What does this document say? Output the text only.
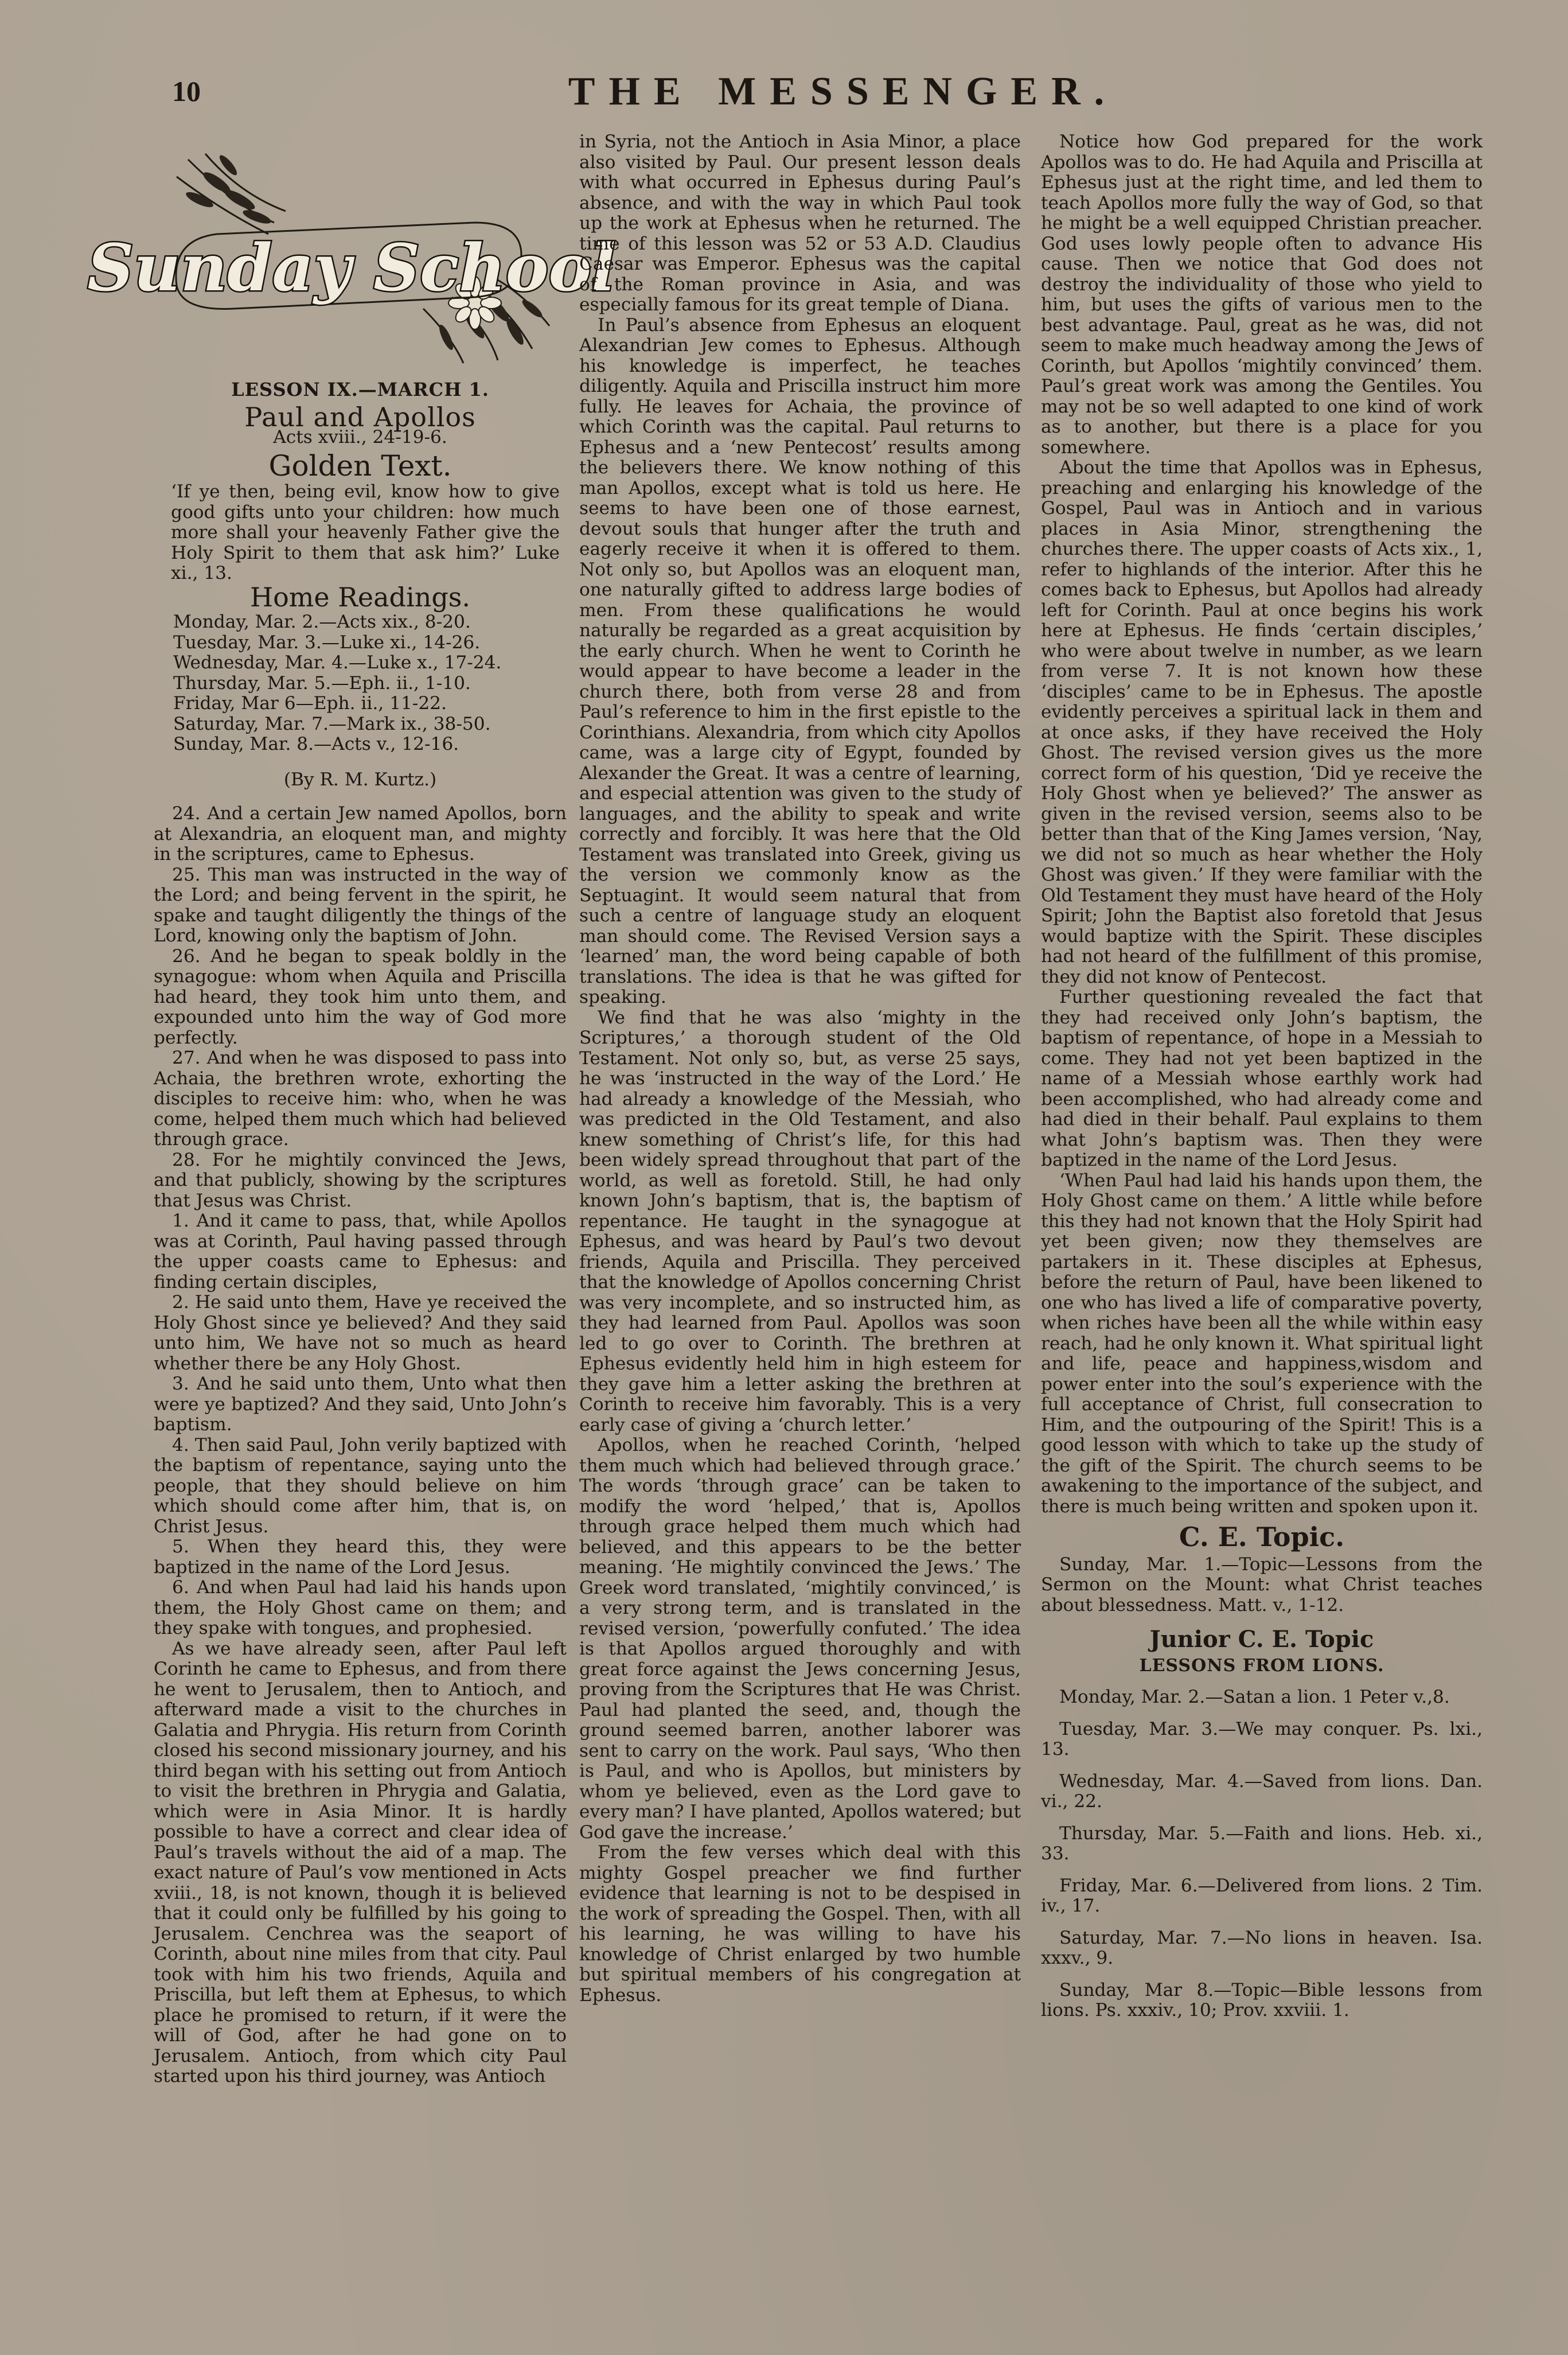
10	THE MESSENGER.
Sunday School
LESSON IX.—MARCH 1.
Paul and Apollos
Acts xviii., 24-19-6.
Golden Text.

‘If ye then, being evil, know how to give good gifts unto your children: how much more shall your heavenly Father give the Holy Spirit to them that ask him?’ Luke xi., 13.

Home Readings.
Monday, Mar. 2.—Acts xix., 8-20.
Tuesday, Mar. 3.—Luke xi., 14-26.
Wednesday, Mar. 4.—Luke x., 17-24.
Thursday, Mar. 5.—Eph. ii., 1-10.
Friday, Mar 6—Eph. ii., 11-22.
Saturday, Mar. 7.—Mark ix., 38-50.
Sunday, Mar. 8.—Acts v., 12-16.
(By R. M. Kurtz.)

24. And a certain Jew named Apollos, born at Alexandria, an eloquent man, and mighty in the scriptures, came to Ephesus.

25. This man was instructed in the way of the Lord; and being fervent in the spirit, he spake and taught diligently the things of the Lord, knowing only the baptism of John.

26. And he began to speak boldly in the synagogue: whom when Aquila and Priscilla had heard, they took him unto them, and expounded unto him the way of God more perfectly.

27. And when he was disposed to pass into Achaia, the brethren wrote, exhorting the disciples to receive him: who, when he was come, helped them much which had believed through grace.

28. For he mightily convinced the Jews, and that publicly, showing by the scriptures that Jesus was Christ.

1. And it came to pass, that, while Apollos was at Corinth, Paul having passed through the upper coasts came to Ephesus: and finding certain disciples,

2. He said unto them, Have ye received the Holy Ghost since ye believed? And they said unto him, We have not so much as heard whether there be any Holy Ghost.

3. And he said unto them, Unto what then were ye baptized? And they said, Unto John’s baptism.

4. Then said Paul, John verily baptized with the baptism of repentance, saying unto the people, that they should believe on him which should come after him, that is, on Christ Jesus.

5. When they heard this, they were baptized in the name of the Lord Jesus.

6. And when Paul had laid his hands upon them, the Holy Ghost came on them; and they spake with tongues, and prophesied.

As we have already seen, after Paul left Corinth he came to Ephesus, and from there he went to Jerusalem, then to Antioch, and afterward made a visit to the churches in Galatia and Phrygia. His return from Corinth closed his second missionary journey, and his third began with his setting out from Antioch to visit the brethren in Phrygia and Galatia, which were in Asia Minor. It is hardly possible to have a correct and clear idea of Paul’s travels without the aid of a map. The exact nature of Paul’s vow mentioned in Acts xviii., 18, is not known, though it is believed that it could only be fulfilled by his going to Jerusalem. Cenchrea was the seaport of Corinth, about nine miles from that city. Paul took with him his two friends, Aquila and Priscilla, but left them at Ephesus, to which place he promised to return, if it were the will of God, after he had gone on to Jerusalem. Antioch, from which city Paul started upon his third journey, was Antioch

in Syria, not the Antioch in Asia Minor, a place also visited by Paul. Our present lesson deals with what occurred in Ephesus during Paul’s absence, and with the way in which Paul took up the work at Ephesus when he returned. The time of this lesson was 52 or 53 A.D. Claudius Caesar was Emperor. Ephesus was the capital of the Roman province in Asia, and was especially famous for its great temple of Diana.

In Paul’s absence from Ephesus an eloquent Alexandrian Jew comes to Ephesus. Although his knowledge is imperfect, he teaches diligently. Aquila and Priscilla instruct him more fully. He leaves for Achaia, the province of which Corinth was the capital. Paul returns to Ephesus and a ‘new Pentecost’ results among the believers there. We know nothing of this man Apollos, except what is told us here. He seems to have been one of those earnest, devout souls that hunger after the truth and eagerly receive it when it is offered to them. Not only so, but Apollos was an eloquent man, one naturally gifted to address large bodies of men. From these qualifications he would naturally be regarded as a great acquisition by the early church. When he went to Corinth he would appear to have become a leader in the church there, both from verse 28 and from Paul’s reference to him in the first epistle to the Corinthians. Alexandria, from which city Apollos came, was a large city of Egypt, founded by Alexander the Great. It was a centre of learning, and especial attention was given to the study of languages, and the ability to speak and write correctly and forcibly. It was here that the Old Testament was translated into Greek, giving us the version we commonly know as the Septuagint. It would seem natural that from such a centre of language study an eloquent man should come. The Revised Version says a ‘learned’ man, the word being capable of both translations. The idea is that he was gifted for speaking.

We find that he was also ‘mighty in the Scriptures,’ a thorough student of the Old Testament. Not only so, but, as verse 25 says, he was ‘instructed in the way of the Lord.’ He had already a knowledge of the Messiah, who was predicted in the Old Testament, and also knew something of Christ’s life, for this had been widely spread throughout that part of the world, as well as foretold. Still, he had only known John’s baptism, that is, the baptism of repentance. He taught in the synagogue at Ephesus, and was heard by Paul’s two devout friends, Aquila and Priscilla. They perceived that the knowledge of Apollos concerning Christ was very incomplete, and so instructed him, as they had learned from Paul. Apollos was soon led to go over to Corinth. The brethren at Ephesus evidently held him in high esteem for they gave him a letter asking the brethren at Corinth to receive him favorably. This is a very early case of giving a ‘church letter.’

Apollos, when he reached Corinth, ‘helped them much which had believed through grace.’ The words ‘through grace’ can be taken to modify the word ‘helped,’ that is, Apollos through grace helped them much which had believed, and this appears to be the better meaning. ‘He mightily convinced the Jews.’ The Greek word translated, ‘mightily convinced,’ is a very strong term, and is translated in the revised version, ‘powerfully confuted.’ The idea is that Apollos argued thoroughly and with great force against the Jews concerning Jesus, proving from the Scriptures that He was Christ. Paul had planted the seed, and, though the ground seemed barren, another laborer was sent to carry on the work. Paul says, ‘Who then is Paul, and who is Apollos, but ministers by whom ye believed, even as the Lord gave to every man? I have planted, Apollos watered; but God gave the increase.’

From the few verses which deal with this mighty Gospel preacher we find further evidence that learning is not to be despised in the work of spreading the Gospel. Then, with all his learning, he was willing to have his knowledge of Christ enlarged by two humble but spiritual members of his congregation at Ephesus.

Notice how God prepared for the work Apollos was to do. He had Aquila and Priscilla at Ephesus just at the right time, and led them to teach Apollos more fully the way of God, so that he might be a well equipped Christian preacher. God uses lowly people often to advance His cause. Then we notice that God does not destroy the individuality of those who yield to him, but uses the gifts of various men to the best advantage. Paul, great as he was, did not seem to make much headway among the Jews of Corinth, but Apollos ‘mightily convinced’ them. Paul’s great work was among the Gentiles. You may not be so well adapted to one kind of work as to another, but there is a place for you somewhere.

About the time that Apollos was in Ephesus, preaching and enlarging his knowledge of the Gospel, Paul was in Antioch and in various places in Asia Minor, strengthening the churches there. The upper coasts of Acts xix., 1, refer to highlands of the interior. After this he comes back to Ephesus, but Apollos had already left for Corinth. Paul at once begins his work here at Ephesus. He finds ‘certain disciples,’ who were about twelve in number, as we learn from verse 7. It is not known how these ‘disciples’ came to be in Ephesus. The apostle evidently perceives a spiritual lack in them and at once asks, if they have received the Holy Ghost. The revised version gives us the more correct form of his question, ‘Did ye receive the Holy Ghost when ye believed?’ The answer as given in the revised version, seems also to be better than that of the King James version, ‘Nay, we did not so much as hear whether the Holy Ghost was given.’ If they were familiar with the Old Testament they must have heard of the Holy Spirit; John the Baptist also foretold that Jesus would baptize with the Spirit. These disciples had not heard of the fulfillment of this promise, they did not know of Pentecost.

Further questioning revealed the fact that they had received only John’s baptism, the baptism of repentance, of hope in a Messiah to come. They had not yet been baptized in the name of a Messiah whose earthly work had been accomplished, who had already come and had died in their behalf. Paul explains to them what John’s baptism was. Then they were baptized in the name of the Lord Jesus.

‘When Paul had laid his hands upon them, the Holy Ghost came on them.’ A little while before this they had not known that the Holy Spirit had yet been given; now they themselves are partakers in it. These disciples at Ephesus, before the return of Paul, have been likened to one who has lived a life of comparative poverty, when riches have been all the while within easy reach, had he only known it. What spiritual light and life, peace and happiness,wisdom and power enter into the soul’s experience with the full acceptance of Christ, full consecration to Him, and the outpouring of the Spirit! This is a good lesson with which to take up the study of the gift of the Spirit. The church seems to be awakening to the importance of the subject, and there is much being written and spoken upon it.

C. E. Topic.

Sunday, Mar. 1.—Topic—Lessons from the Sermon on the Mount: what Christ teaches about blessedness. Matt. v., 1-12.

Junior C. E. Topic
LESSONS FROM LIONS.

Monday, Mar. 2.—Satan a lion. 1 Peter v.,8.

Tuesday, Mar. 3.—We may conquer. Ps. lxi., 13.

Wednesday, Mar. 4.—Saved from lions. Dan. vi., 22.

Thursday, Mar. 5.—Faith and lions. Heb. xi., 33.

Friday, Mar. 6.—Delivered from lions. 2 Tim. iv., 17.

Saturday, Mar. 7.—No lions in heaven. Isa. xxxv., 9.

Sunday, Mar 8.—Topic—Bible lessons from lions. Ps. xxxiv., 10; Prov. xxviii. 1.
